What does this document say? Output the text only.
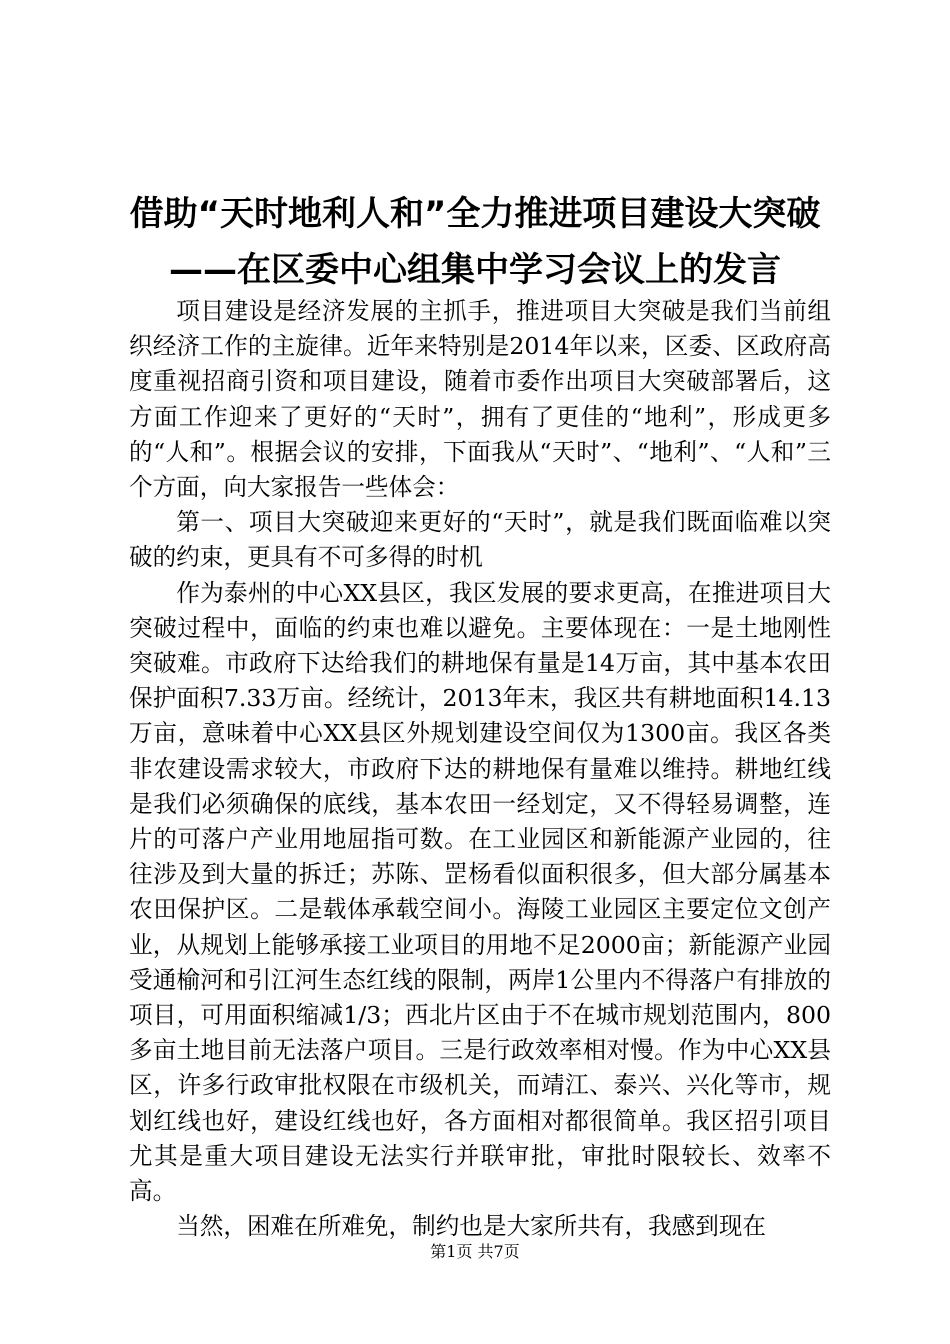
借助“天时地利人和”全力推进项目建设大突破——在区委中心组集中学习会议上的发言

项目建设是经济发展的主抓手，推进项目大突破是我们当前组织经济工作的主旋律。近年来特别是2014年以来，区委、区政府高度重视招商引资和项目建设，随着市委作出项目大突破部署后，这方面工作迎来了更好的“天时”，拥有了更佳的“地利”，形成更多的“人和”。根据会议的安排，下面我从“天时”、“地利”、“人和”三个方面，向大家报告一些体会：

第一、项目大突破迎来更好的“天时”，就是我们既面临难以突破的约束，更具有不可多得的时机

作为泰州的中心XX县区，我区发展的要求更高，在推进项目大突破过程中，面临的约束也难以避免。主要体现在：一是土地刚性突破难。市政府下达给我们的耕地保有量是14万亩，其中基本农田保护面积7.33万亩。经统计，2013年末，我区共有耕地面积14.13万亩，意味着中心XX县区外规划建设空间仅为1300亩。我区各类非农建设需求较大，市政府下达的耕地保有量难以维持。耕地红线是我们必须确保的底线，基本农田一经划定，又不得轻易调整，连片的可落户产业用地屈指可数。在工业园区和新能源产业园的，往往涉及到大量的拆迁；苏陈、罡杨看似面积很多，但大部分属基本农田保护区。二是载体承载空间小。海陵工业园区主要定位文创产业，从规划上能够承接工业项目的用地不足2000亩；新能源产业园受通榆河和引江河生态红线的限制，两岸1公里内不得落户有排放的项目，可用面积缩减1/3；西北片区由于不在城市规划范围内，800多亩土地目前无法落户项目。三是行政效率相对慢。作为中心XX县区，许多行政审批权限在市级机关，而靖江、泰兴、兴化等市，规划红线也好，建设红线也好，各方面相对都很简单。我区招引项目尤其是重大项目建设无法实行并联审批，审批时限较长、效率不高。

当然，困难在所难免，制约也是大家所共有，我感到现在

第1页 共7页
